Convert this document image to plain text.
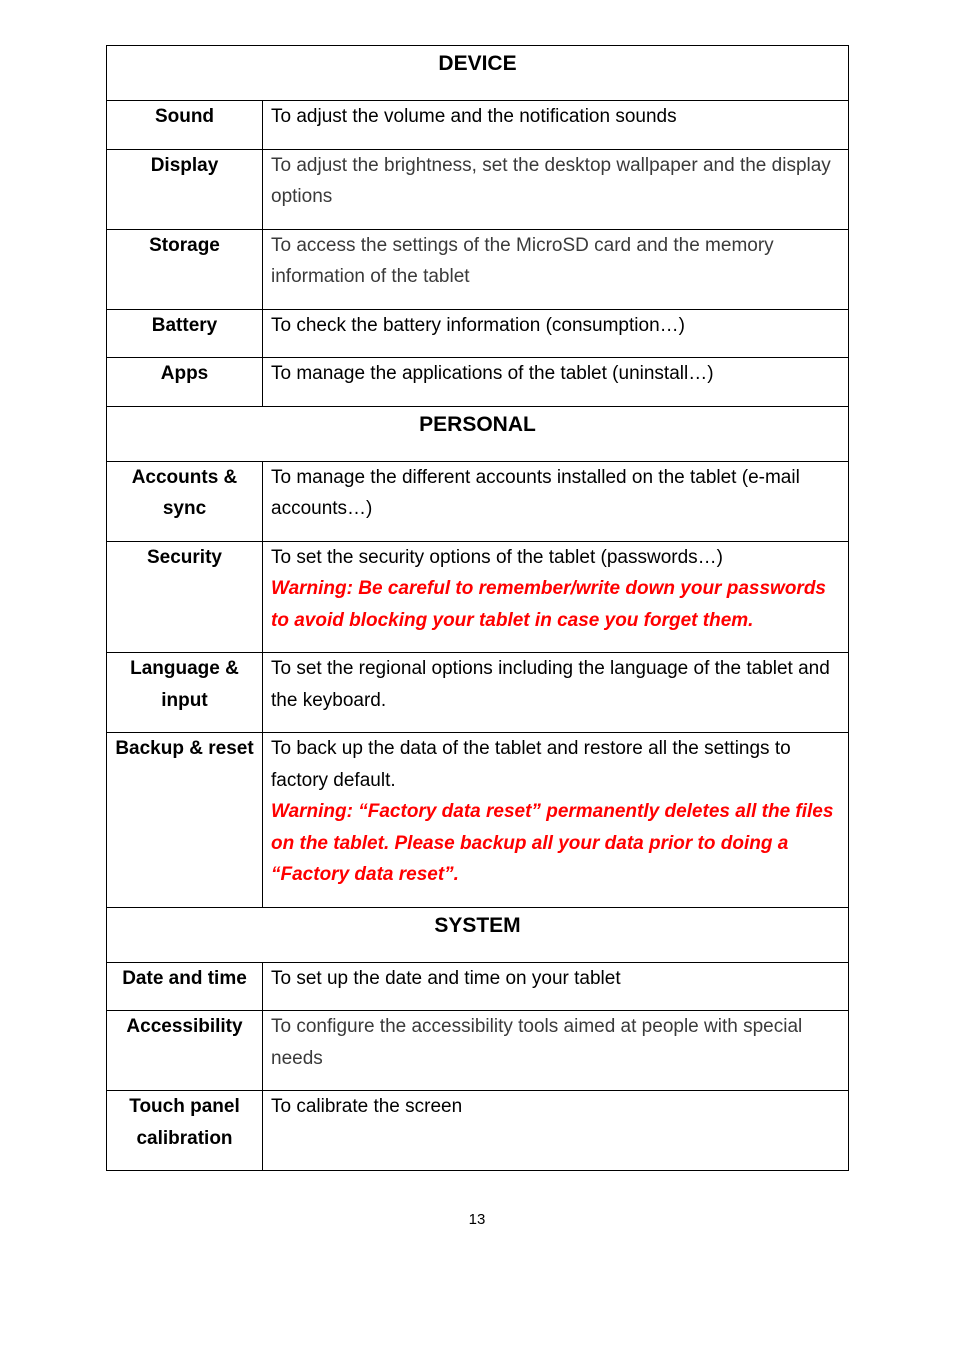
DEVICE	
Sound	To adjust the volume and the notification sounds
Display	To adjust the brightness, set the desktop wallpaper and the display options
Storage	To access the settings of the MicroSD card and the memory information of the tablet
Battery	To check the battery information (consumption…)
Apps	To manage the applications of the tablet (uninstall…)
PERSONAL	
Accounts & sync	To manage the different accounts installed on the tablet (e-mail accounts…)
Security	To set the security options of the tablet (passwords…)
Warning: Be careful to remember/write down your passwords to avoid blocking your tablet in case you forget them.

Language & input	To set the regional options including the language of the tablet and the keyboard.
Backup & reset	To back up the data of the tablet and restore all the settings to factory default.
Warning: “Factory data reset” permanently deletes all the files on the tablet. Please backup all your data prior to doing a “Factory data reset”.

SYSTEM	
Date and time	To set up the date and time on your tablet
Accessibility	To configure the accessibility tools aimed at people with special needs
Touch panel calibration	To calibrate the screen
13
